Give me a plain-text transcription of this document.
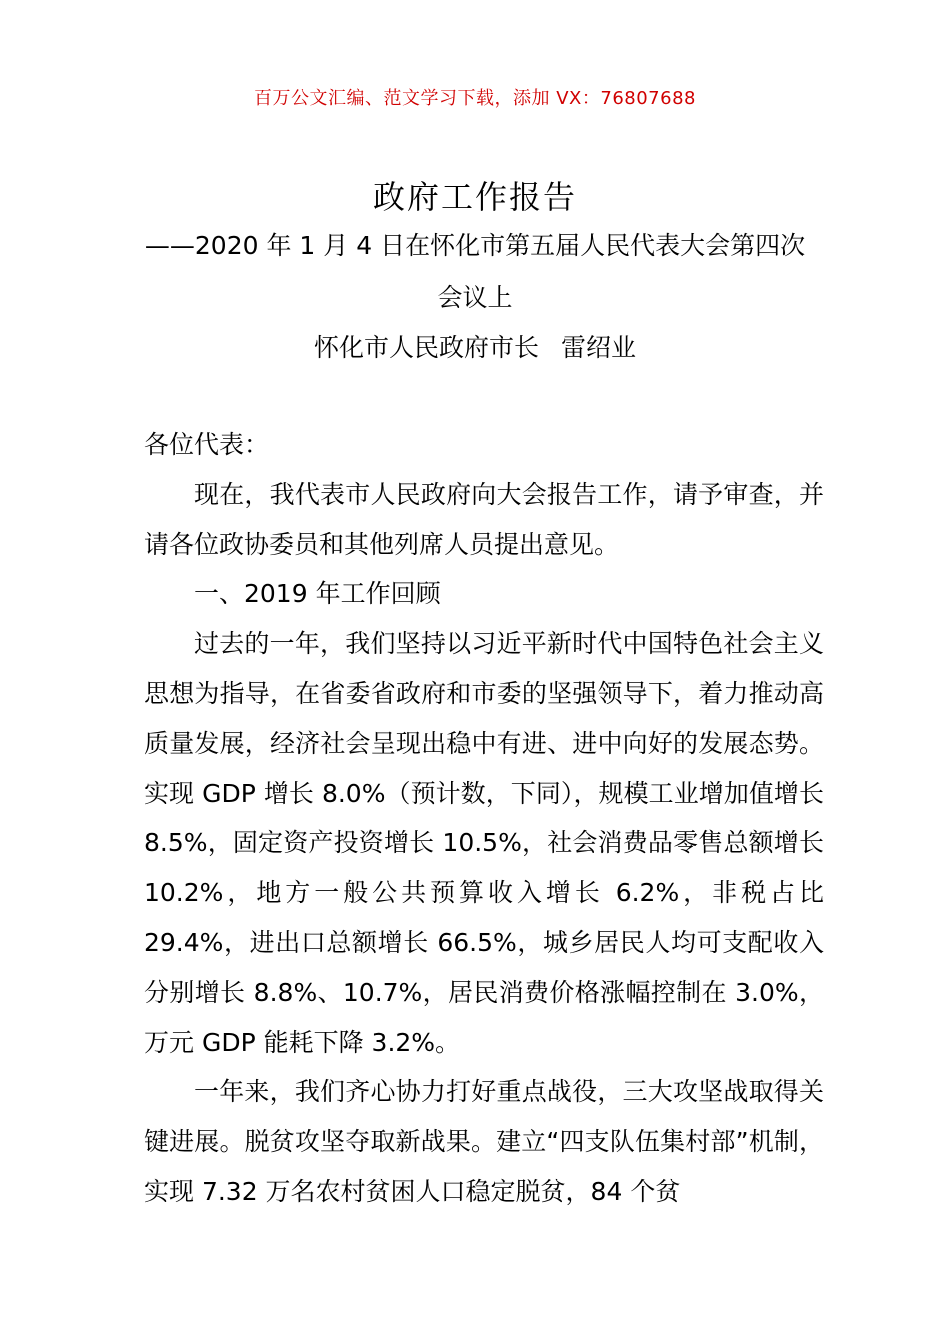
百万公文汇编、范文学习下载，添加 VX：76807688
政府工作报告
——2020 年 1 月 4 日在怀化市第五届人民代表大会第四次
会议上
怀化市人民政府市长 雷绍业

各位代表：

现在，我代表市人民政府向大会报告工作，请予审查，并请各位政协委员和其他列席人员提出意见。

一、2019 年工作回顾

过去的一年，我们坚持以习近平新时代中国特色社会主义思想为指导，在省委省政府和市委的坚强领导下，着力推动高质量发展，经济社会呈现出稳中有进、进中向好的发展态势。实现 GDP 增长 8.0%（预计数，下同），规模工业增加值增长 8.5%，固定资产投资增长 10.5%，社会消费品零售总额增长 10.2%，地方一般公共预算收入增长 6.2%，非税占比 29.4%，进出口总额增长 66.5%，城乡居民人均可支配收入分别增长 8.8%、10.7%，居民消费价格涨幅控制在 3.0%，万元 GDP 能耗下降 3.2%。

一年来，我们齐心协力打好重点战役，三大攻坚战取得关键进展。脱贫攻坚夺取新战果。建立“四支队伍集村部”机制，实现 7.32 万名农村贫困人口稳定脱贫，84 个贫
